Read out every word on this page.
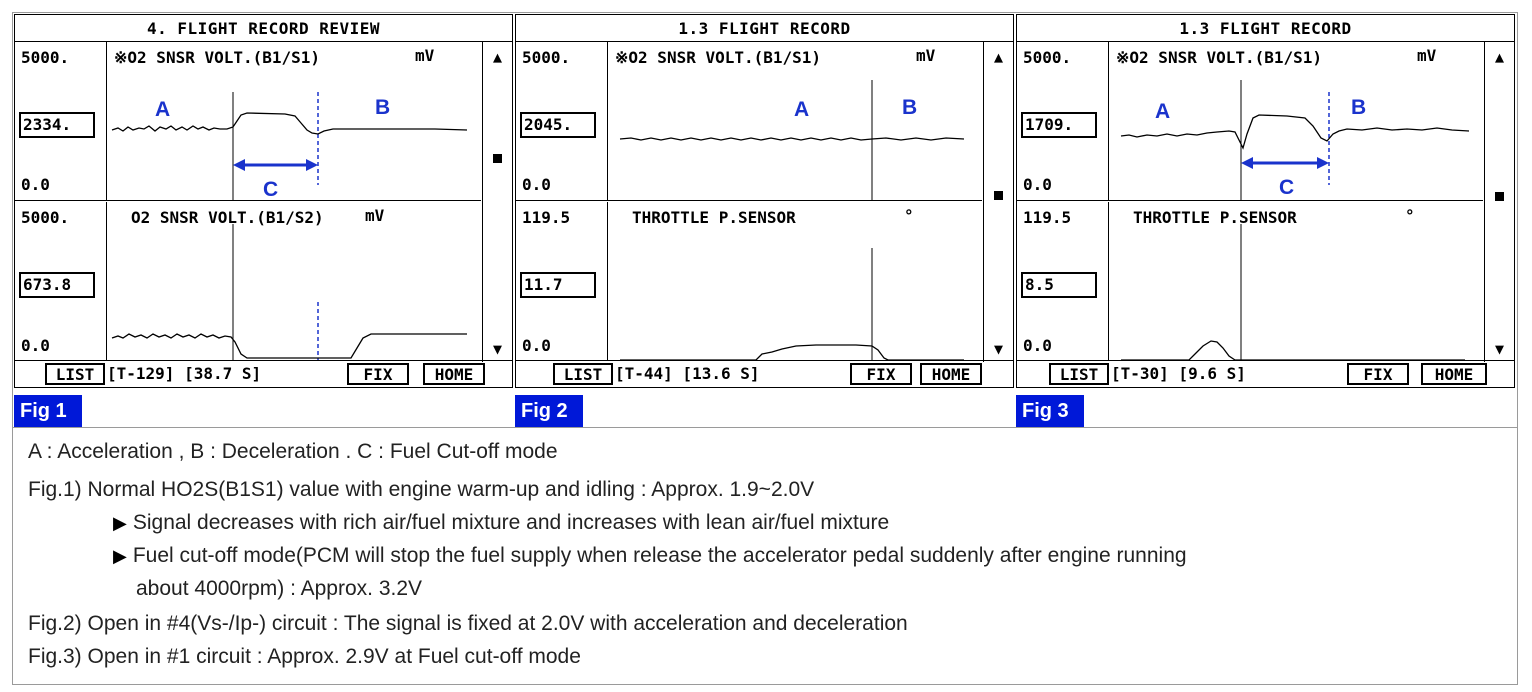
4. FLIGHT RECORD REVIEW
5000.
2334.
0.0
※O2 SNSR VOLT.(B1/S1)	mV
A	B
C
5000.
673.8
0.0
O2 SNSR VOLT.(B1/S2)	mV
▲
▼
LIST [T-129] [38.7 S]	FIX	HOME
Fig 1
1.3 FLIGHT RECORD
5000.
2045.
0.0
※O2 SNSR VOLT.(B1/S1)	mV
A	B
119.5
11.7
0.0
THROTTLE P.SENSOR	°
▲
▼
LIST [T-44] [13.6 S]	FIX	HOME
Fig 2
1.3 FLIGHT RECORD
5000.
1709.
0.0
※O2 SNSR VOLT.(B1/S1)	mV
A	B
C
119.5
8.5
0.0
THROTTLE P.SENSOR	°
▲
▼
LIST [T-30] [9.6 S]	FIX	HOME
Fig 3
A : Acceleration , B : Deceleration . C : Fuel Cut-off mode
Fig.1) Normal HO2S(B1S1) value with engine warm-up and idling : Approx. 1.9~2.0V
▶ Signal decreases with rich air/fuel mixture and increases with lean air/fuel mixture
▶ Fuel cut-off mode(PCM will stop the fuel supply when release the accelerator pedal suddenly after engine running
about 4000rpm) : Approx. 3.2V
Fig.2) Open in #4(Vs-/Ip-) circuit : The signal is fixed at 2.0V with acceleration and deceleration
Fig.3) Open in #1 circuit : Approx. 2.9V at Fuel cut-off mode
